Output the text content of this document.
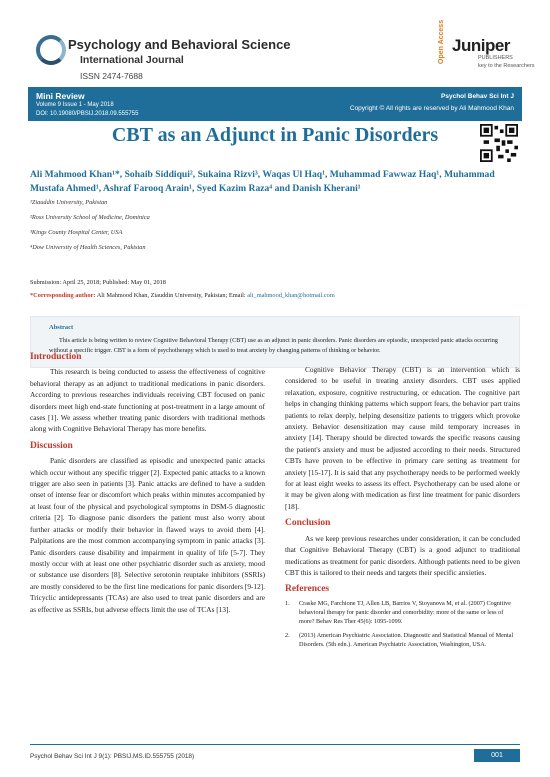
Psychology and Behavioral Science
International Journal
ISSN 2474-7688
Open Access Juniper
PUBLISHERS
key to the Researchers
Mini Review
Volume 9 Issue 1 - May 2018
DOI: 10.19080/PBSIJ.2018.09.555755
Psychol Behav Sci Int J
Copyright © All rights are reserved by Ali Mahmood Khan
CBT as an Adjunct in Panic Disorders
Ali Mahmood Khan¹*, Sohaib Siddiqui², Sukaina Rizvi³, Waqas Ul Haq¹, Muhammad Fawwaz Haq¹, Muhammad
Mustafa Ahmed¹, Ashraf Farooq Arain¹, Syed Kazim Raza⁴ and Danish Kherani¹
¹Ziauddin University, Pakistan
²Ross University School of Medicine, Dominica
³Kings County Hospital Center, USA
⁴Dow University of Health Sciences, Pakistan
Submission: April 25, 2018; Published: May 01, 2018
*Corresponding author: Ali Mahmood Khan, Ziauddin University, Pakistan; Email: ali_mahmood_khan@hotmail.com
Abstract
This article is being written to review Cognitive Behavioral Therapy (CBT) use as an adjunct in panic disorders. Panic disorders are episodic, unexpected panic attacks occurring without a specific trigger. CBT is a form of psychotherapy which is used to treat anxiety by changing patterns of thinking or behavior.
Introduction

This research is being conducted to assess the effectiveness of cognitive behavioral therapy as an adjunct to traditional medications in panic disorders. According to previous researches individuals receiving CBT focused on panic disorders meet high end-state functioning at post-treatment in a large amount of cases [1]. We assess whether treating panic disorders with traditional methods along with Cognitive Behavioral Therapy has more benefits.

Discussion

Panic disorders are classified as episodic and unexpected panic attacks which occur without any specific trigger [2]. Expected panic attacks to a known trigger are also seen in patients [3]. Panic attacks are defined to have a sudden onset of intense fear or discomfort which peaks within minutes accompanied by at least four of the physical and psychological symptoms in DSM-5 diagnostic criteria [2]. To diagnose panic disorders the patient must also worry about further attacks or modify their behavior in flawed ways to avoid them [4]. Palpitations are the most common accompanying symptom in panic attacks [3]. Panic disorders cause disability and impairment in quality of life [5-7]. They mostly occur with at least one other psychiatric disorder such as anxiety, mood or substance use disorders [8]. Selective serotonin reuptake inhibitors (SSRIs) are mostly considered to be the first line medications for panic disorders [9-12]. Tricyclic antidepressants (TCAs) are also used to treat panic disorders and are as effective as SSRIs, but adverse effects limit the use of TCAs [13].

Cognitive Behavior Therapy (CBT) is an intervention which is considered to be useful in treating anxiety disorders. CBT uses applied relaxation, exposure, cognitive restructuring, or education. The cognitive part helps in changing thinking patterns which support fears, the behavior part trains patients to relax deeply, helping desensitize patients to triggers which provoke anxiety. Behavior desensitization may cause mild temporary increases in anxiety [14]. Therapy should be directed towards the specific reasons causing the patient's anxiety and must be adjusted according to their needs. Structured CBTs have proven to be effective in primary care setting as treatment for anxiety [15-17]. It is said that any psychotherapy needs to be performed weekly for at least eight weeks to assess its effect. Psychotherapy can be used alone or it may be given along with medication as first line treatment for panic disorders [18].

Conclusion

As we keep previous researches under consideration, it can be concluded that Cognitive Behavioral Therapy (CBT) is a good adjunct to traditional medications as treatment for panic disorders. Although patients need to be given CBT this is tailored to their needs and targets their specific anxieties.

References
1. Craske MG, Farchione TJ, Allen LB, Barrios V, Stoyanova M, et al. (2007) Cognitive behavioral therapy for panic disorder and comorbidity: more of the same or less of more? Behav Res Ther 45(6): 1095-1099.
2. (2013) American Psychiatric Association. Diagnostic and Statistical Manual of Mental Disorders. (5th edn.). American Psychiatric Association, Washington, USA.
Psychol Behav Sci Int J 9(1): PBSIJ.MS.ID.555755 (2018)	001
